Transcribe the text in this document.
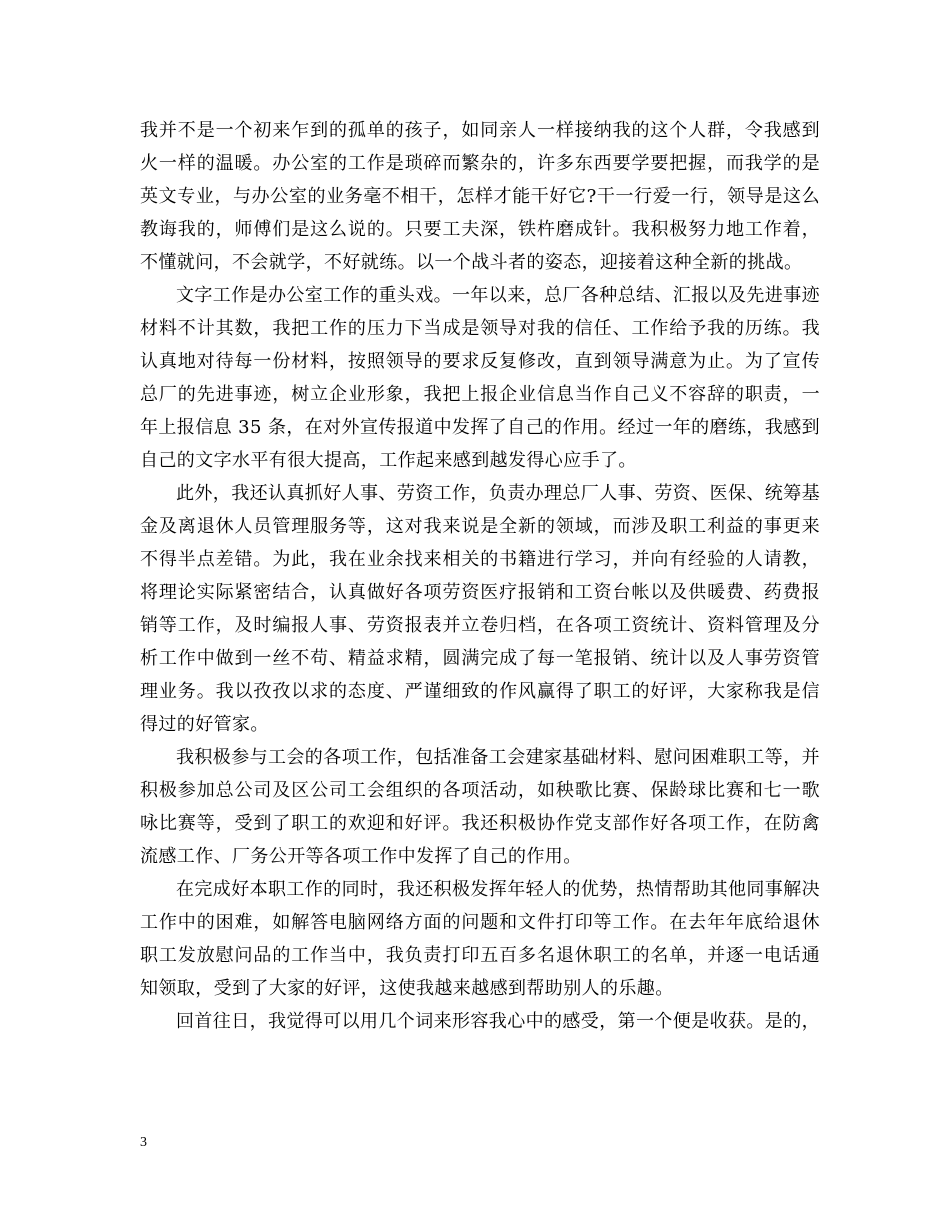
我并不是一个初来乍到的孤单的孩子，如同亲人一样接纳我的这个人群，令我感到火一样的温暖。办公室的工作是琐碎而繁杂的，许多东西要学要把握，而我学的是英文专业，与办公室的业务毫不相干，怎样才能干好它?干一行爱一行，领导是这么教诲我的，师傅们是这么说的。只要工夫深，铁杵磨成针。我积极努力地工作着，不懂就问，不会就学，不好就练。以一个战斗者的姿态，迎接着这种全新的挑战。

文字工作是办公室工作的重头戏。一年以来，总厂各种总结、汇报以及先进事迹材料不计其数，我把工作的压力下当成是领导对我的信任、工作给予我的历练。我认真地对待每一份材料，按照领导的要求反复修改，直到领导满意为止。为了宣传总厂的先进事迹，树立企业形象，我把上报企业信息当作自己义不容辞的职责，一年上报信息 35 条，在对外宣传报道中发挥了自己的作用。经过一年的磨练，我感到自己的文字水平有很大提高，工作起来感到越发得心应手了。

此外，我还认真抓好人事、劳资工作，负责办理总厂人事、劳资、医保、统筹基金及离退休人员管理服务等，这对我来说是全新的领域，而涉及职工利益的事更来不得半点差错。为此，我在业余找来相关的书籍进行学习，并向有经验的人请教，将理论实际紧密结合，认真做好各项劳资医疗报销和工资台帐以及供暖费、药费报销等工作，及时编报人事、劳资报表并立卷归档，在各项工资统计、资料管理及分析工作中做到一丝不苟、精益求精，圆满完成了每一笔报销、统计以及人事劳资管理业务。我以孜孜以求的态度、严谨细致的作风赢得了职工的好评，大家称我是信得过的好管家。

我积极参与工会的各项工作，包括准备工会建家基础材料、慰问困难职工等，并积极参加总公司及区公司工会组织的各项活动，如秧歌比赛、保龄球比赛和七一歌咏比赛等，受到了职工的欢迎和好评。我还积极协作党支部作好各项工作，在防禽流感工作、厂务公开等各项工作中发挥了自己的作用。

在完成好本职工作的同时，我还积极发挥年轻人的优势，热情帮助其他同事解决工作中的困难，如解答电脑网络方面的问题和文件打印等工作。在去年年底给退休职工发放慰问品的工作当中，我负责打印五百多名退休职工的名单，并逐一电话通知领取，受到了大家的好评，这使我越来越感到帮助别人的乐趣。

回首往日，我觉得可以用几个词来形容我心中的感受，第一个便是收获。是的，

3
